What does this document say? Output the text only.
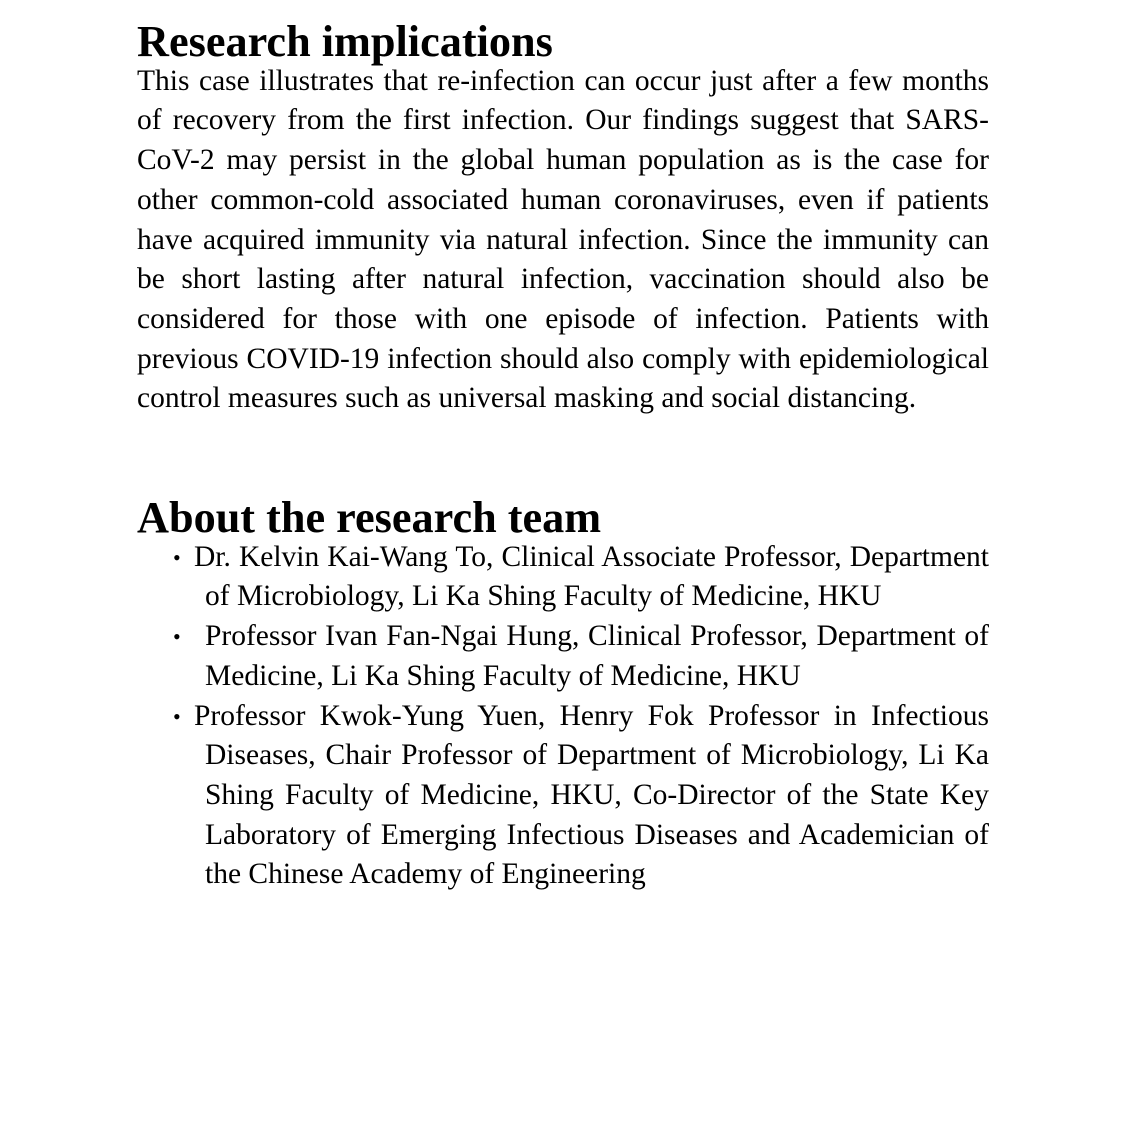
Research implications

This case illustrates that re-infection can occur just after a few months of recovery from the first infection. Our findings suggest that SARS-CoV-2 may persist in the global human population as is the case for other common-cold associated human coronaviruses, even if patients have acquired immunity via natural infection. Since the immunity can be short lasting after natural infection, vaccination should also be considered for those with one episode of infection. Patients with previous COVID-19 infection should also comply with epidemiological control measures such as universal masking and social distancing.

About the research team
• Dr. Kelvin Kai-Wang To, Clinical Associate Professor, Department of Microbiology, Li Ka Shing Faculty of Medicine, HKU
• Professor Ivan Fan-Ngai Hung, Clinical Professor, Department of Medicine, Li Ka Shing Faculty of Medicine, HKU
• Professor Kwok-Yung Yuen, Henry Fok Professor in Infectious Diseases, Chair Professor of Department of Microbiology, Li Ka Shing Faculty of Medicine, HKU, Co-Director of the State Key Laboratory of Emerging Infectious Diseases and Academician of the Chinese Academy of Engineering
